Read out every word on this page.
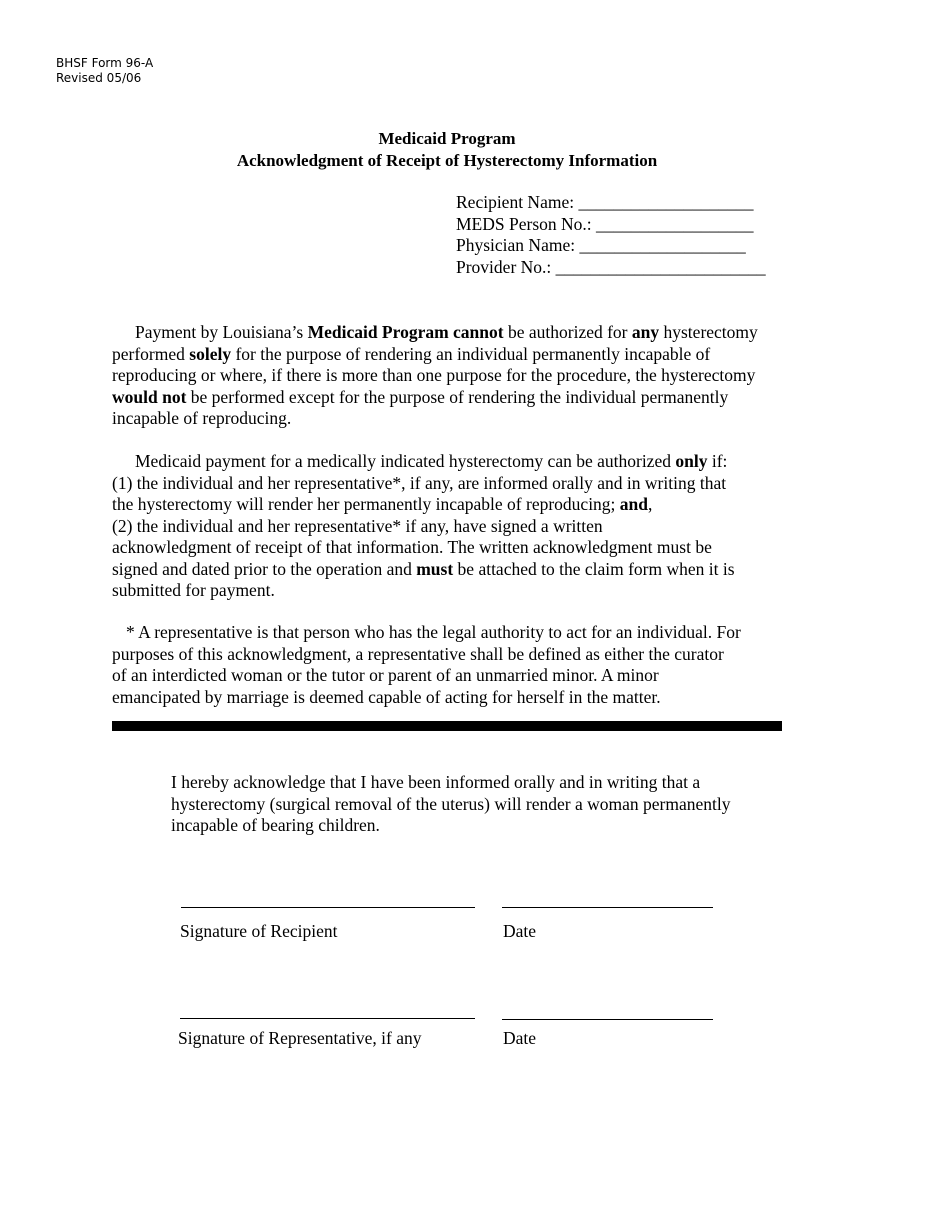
BHSF Form 96-A
Revised 05/06
Medicaid Program
Acknowledgment of Receipt of Hysterectomy Information
Recipient Name: ____________________
MEDS Person No.: __________________
Physician Name: ___________________
Provider No.: ________________________
Payment by Louisiana’s Medicaid Program cannot be authorized for any hysterectomy
performed solely for the purpose of rendering an individual permanently incapable of
reproducing or where, if there is more than one purpose for the procedure, the hysterectomy
would not be performed except for the purpose of rendering the individual permanently
incapable of reproducing.
Medicaid payment for a medically indicated hysterectomy can be authorized only if:
(1) the individual and her representative*, if any, are informed orally and in writing that
the hysterectomy will render her permanently incapable of reproducing; and,
(2) the individual and her representative* if any, have signed a written
acknowledgment of receipt of that information. The written acknowledgment must be
signed and dated prior to the operation and must be attached to the claim form when it is
submitted for payment.
* A representative is that person who has the legal authority to act for an individual. For
purposes of this acknowledgment, a representative shall be defined as either the curator
of an interdicted woman or the tutor or parent of an unmarried minor. A minor
emancipated by marriage is deemed capable of acting for herself in the matter.
I hereby acknowledge that I have been informed orally and in writing that a
hysterectomy (surgical removal of the uterus) will render a woman permanently
incapable of bearing children.
Signature of Recipient	Date
Signature of Representative, if any	Date
